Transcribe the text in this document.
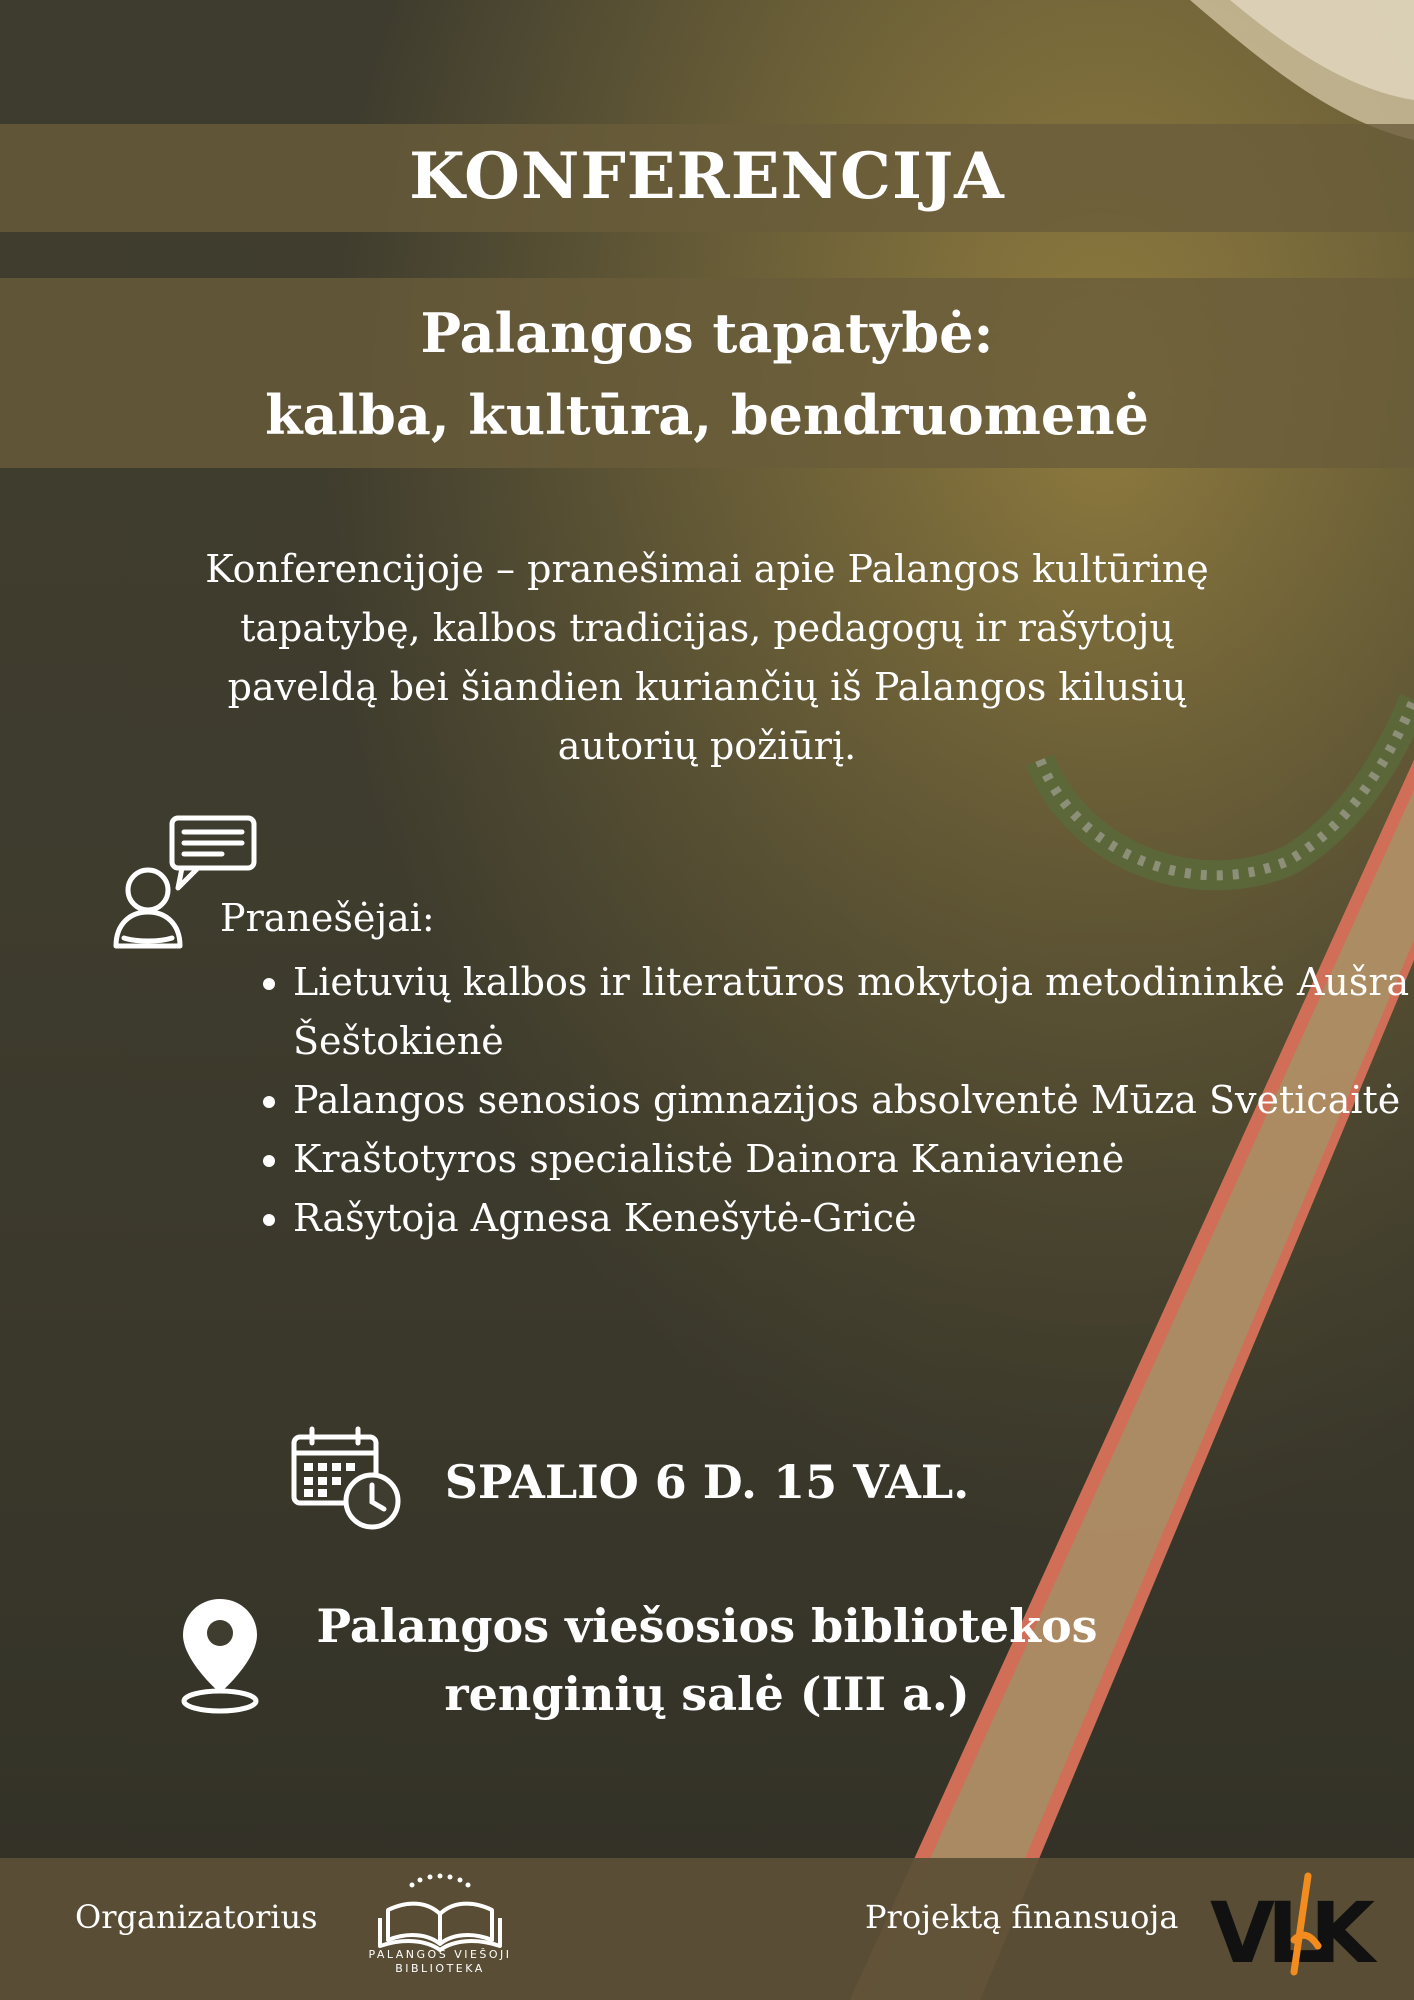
KONFERENCIJA
Palangos tapatybė:
kalba, kultūra, bendruomenė

Konferencijoje – pranešimai apie Palangos kultūrinę tapatybę, kalbos tradicijas, pedagogų ir rašytojų paveldą bei šiandien kuriančių iš Palangos kilusių autorių požiūrį.

Pranešėjai:

• Lietuvių kalbos ir literatūros mokytoja metodininkė Aušra Šeštokienė
• Palangos senosios gimnazijos absolventė Mūza Sveticaitė
• Kraštotyros specialistė Dainora Kaniavienė
• Rašytoja Agnesa Kenešytė-Gricė

SPALIO 6 D. 15 VAL.

Palangos viešosios bibliotekos
renginių salė (III a.)

Organizatorius

PALANGOS VIEŠOJI
BIBLIOTEKA

Projektą finansuoja VL
K
